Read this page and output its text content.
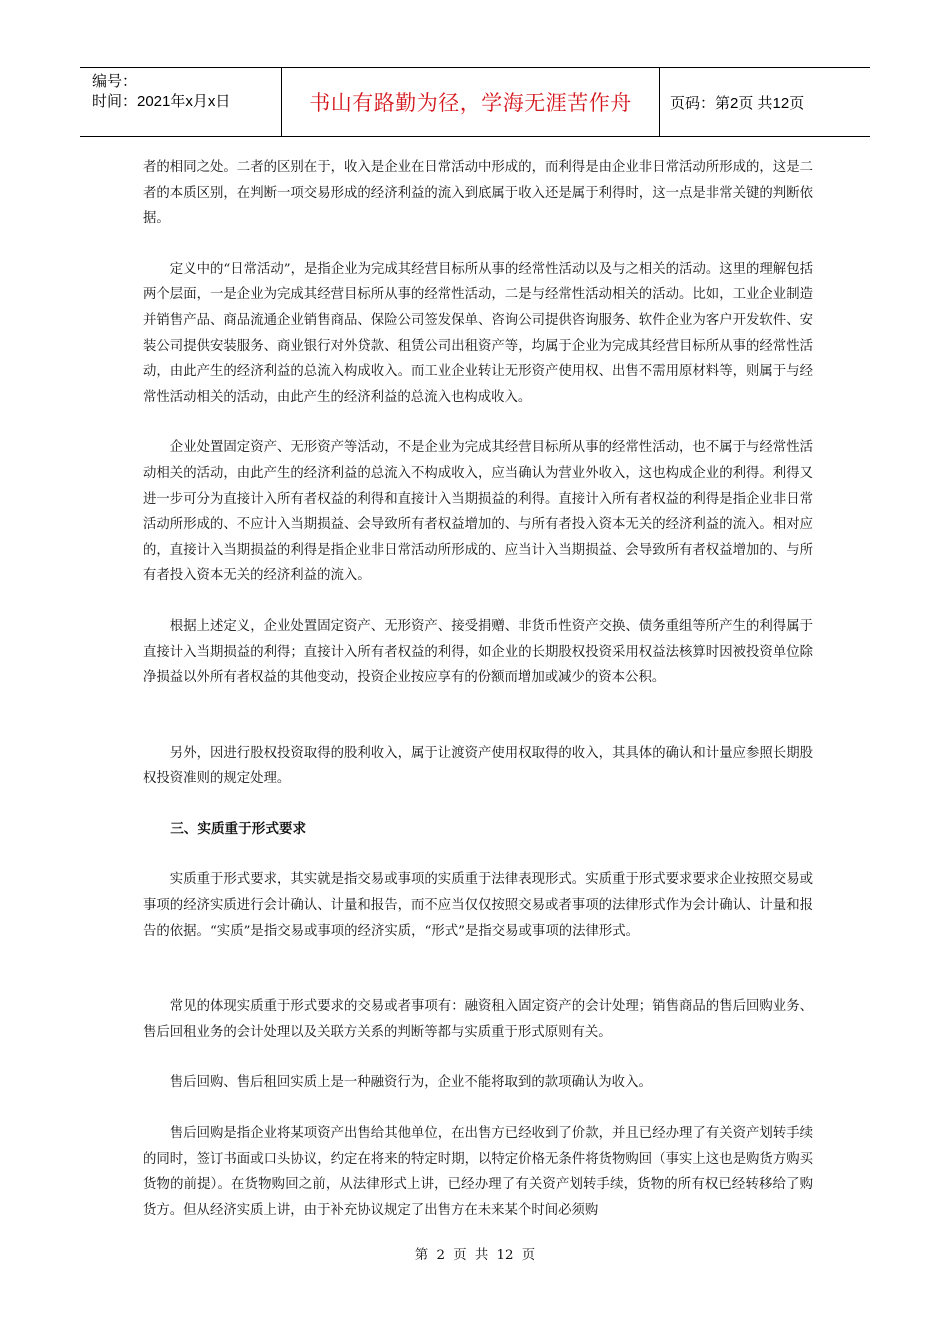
编号：
时间：2021年x月x日	书山有路勤为径，学海无涯苦作舟	页码：第2页 共12页

者的相同之处。二者的区别在于，收入是企业在日常活动中形成的，而利得是由企业非日常活动所形成的，这是二者的本质区别，在判断一项交易形成的经济利益的流入到底属于收入还是属于利得时，这一点是非常关键的判断依据。

定义中的“日常活动”，是指企业为完成其经营目标所从事的经常性活动以及与之相关的活动。这里的理解包括两个层面，一是企业为完成其经营目标所从事的经常性活动，二是与经常性活动相关的活动。比如，工业企业制造并销售产品、商品流通企业销售商品、保险公司签发保单、咨询公司提供咨询服务、软件企业为客户开发软件、安装公司提供安装服务、商业银行对外贷款、租赁公司出租资产等，均属于企业为完成其经营目标所从事的经常性活动，由此产生的经济利益的总流入构成收入。而工业企业转让无形资产使用权、出售不需用原材料等，则属于与经常性活动相关的活动，由此产生的经济利益的总流入也构成收入。

企业处置固定资产、无形资产等活动，不是企业为完成其经营目标所从事的经常性活动，也不属于与经常性活动相关的活动，由此产生的经济利益的总流入不构成收入，应当确认为营业外收入，这也构成企业的利得。利得又进一步可分为直接计入所有者权益的利得和直接计入当期损益的利得。直接计入所有者权益的利得是指企业非日常活动所形成的、不应计入当期损益、会导致所有者权益增加的、与所有者投入资本无关的经济利益的流入。相对应的，直接计入当期损益的利得是指企业非日常活动所形成的、应当计入当期损益、会导致所有者权益增加的、与所有者投入资本无关的经济利益的流入。

根据上述定义，企业处置固定资产、无形资产、接受捐赠、非货币性资产交换、债务重组等所产生的利得属于直接计入当期损益的利得；直接计入所有者权益的利得，如企业的长期股权投资采用权益法核算时因被投资单位除净损益以外所有者权益的其他变动，投资企业按应享有的份额而增加或减少的资本公积。

另外，因进行股权投资取得的股利收入，属于让渡资产使用权取得的收入，其具体的确认和计量应参照长期股权投资准则的规定处理。

三、实质重于形式要求

实质重于形式要求，其实就是指交易或事项的实质重于法律表现形式。实质重于形式要求要求企业按照交易或事项的经济实质进行会计确认、计量和报告，而不应当仅仅按照交易或者事项的法律形式作为会计确认、计量和报告的依据。“实质”是指交易或事项的经济实质，“形式”是指交易或事项的法律形式。

常见的体现实质重于形式要求的交易或者事项有：融资租入固定资产的会计处理；销售商品的售后回购业务、售后回租业务的会计处理以及关联方关系的判断等都与实质重于形式原则有关。

售后回购、售后租回实质上是一种融资行为，企业不能将取到的款项确认为收入。

售后回购是指企业将某项资产出售给其他单位，在出售方已经收到了价款，并且已经办理了有关资产划转手续的同时，签订书面或口头协议，约定在将来的特定时期，以特定价格无条件将货物购回（事实上这也是购货方购买货物的前提）。在货物购回之前，从法律形式上讲，已经办理了有关资产划转手续，货物的所有权已经转移给了购货方。但从经济实质上讲，由于补充协议规定了出售方在未来某个时间必须购

第 2 页 共 12 页
